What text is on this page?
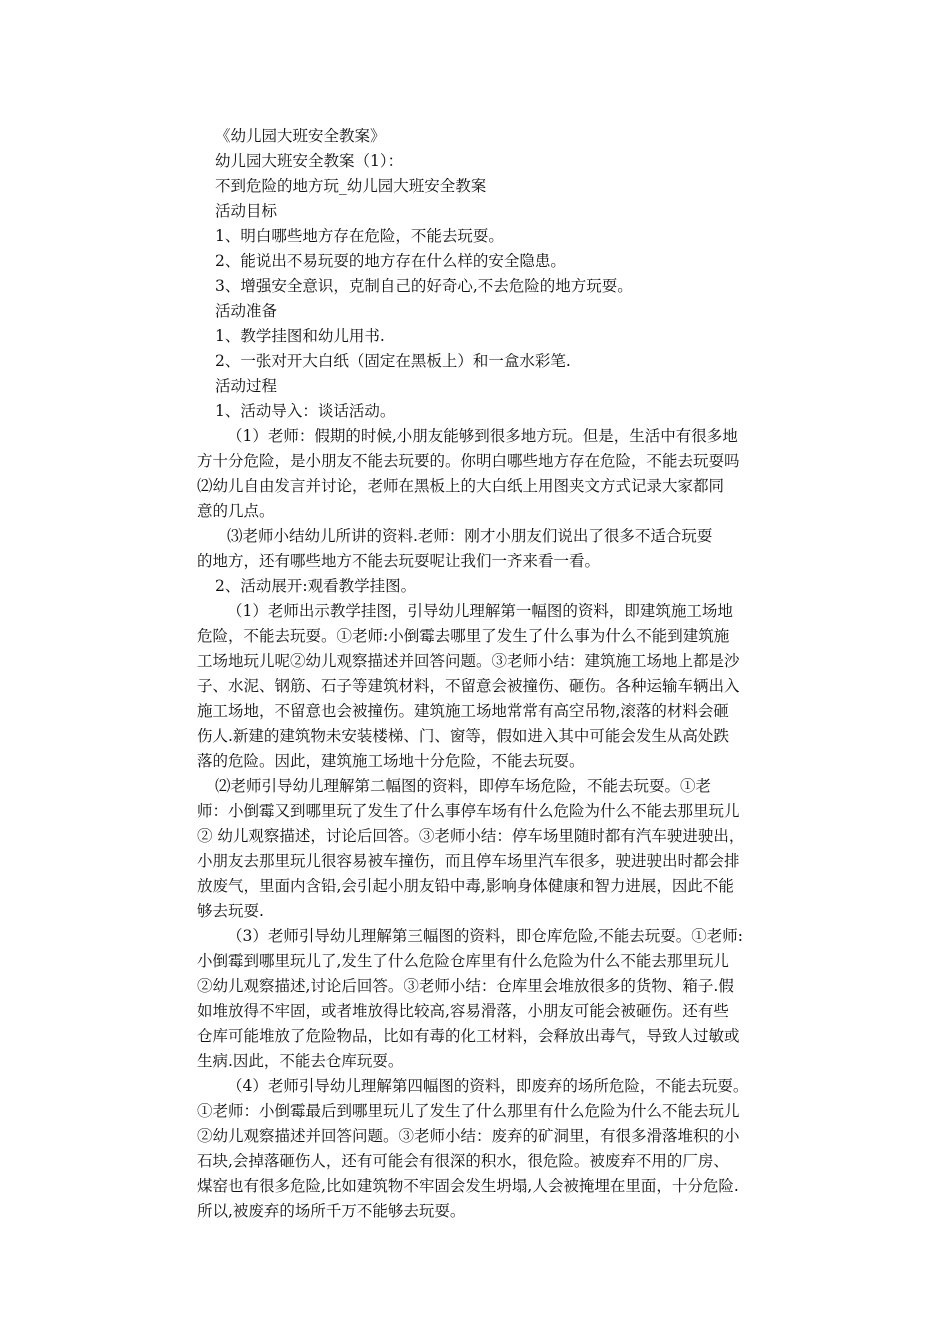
《幼儿园大班安全教案》

幼儿园大班安全教案（1）：

不到危险的地方玩_幼儿园大班安全教案

活动目标

1、明白哪些地方存在危险，不能去玩耍。

2、能说出不易玩耍的地方存在什么样的安全隐患。

3、增强安全意识，克制自己的好奇心,不去危险的地方玩耍。

活动准备

1、教学挂图和幼儿用书.

2、一张对开大白纸（固定在黑板上）和一盒水彩笔.

活动过程

1、活动导入：谈话活动。

（1）老师：假期的时候,小朋友能够到很多地方玩。但是，生活中有很多地

方十分危险，是小朋友不能去玩要的。你明白哪些地方存在危险，不能去玩耍吗

⑵幼儿自由发言并讨论，老师在黑板上的大白纸上用图夹文方式记录大家都同

意的几点。

⑶老师小结幼儿所讲的资料.老师：刚才小朋友们说出了很多不适合玩耍

的地方，还有哪些地方不能去玩耍呢让我们一齐来看一看。

2、活动展开:观看教学挂图。

（1）老师出示教学挂图，引导幼儿理解第一幅图的资料，即建筑施工场地

危险，不能去玩耍。①老师:小倒霉去哪里了发生了什么事为什么不能到建筑施

工场地玩儿呢②幼儿观察描述并回答问题。③老师小结：建筑施工场地上都是沙

子、水泥、钢筋、石子等建筑材料，不留意会被撞伤、砸伤。各种运输车辆出入

施工场地，不留意也会被撞伤。建筑施工场地常常有高空吊物,滚落的材料会砸

伤人.新建的建筑物未安装楼梯、门、窗等，假如进入其中可能会发生从高处跌

落的危险。因此，建筑施工场地十分危险，不能去玩耍。

⑵老师引导幼儿理解第二幅图的资料，即停车场危险，不能去玩耍。①老

师：小倒霉又到哪里玩了发生了什么事停车场有什么危险为什么不能去那里玩儿

② 幼儿观察描述，讨论后回答。③老师小结：停车场里随时都有汽车驶进驶出，

小朋友去那里玩儿很容易被车撞伤，而且停车场里汽车很多，驶进驶出时都会排

放废气，里面内含铅,会引起小朋友铅中毒,影响身体健康和智力进展，因此不能

够去玩耍.

（3）老师引导幼儿理解第三幅图的资料，即仓库危险,不能去玩耍。①老师:

小倒霉到哪里玩儿了,发生了什么危险仓库里有什么危险为什么不能去那里玩儿

②幼儿观察描述,讨论后回答。③老师小结：仓库里会堆放很多的货物、箱子.假

如堆放得不牢固，或者堆放得比较高,容易滑落，小朋友可能会被砸伤。还有些

仓库可能堆放了危险物品，比如有毒的化工材料，会释放出毒气，导致人过敏或

生病.因此，不能去仓库玩耍。

（4）老师引导幼儿理解第四幅图的资料，即废弃的场所危险，不能去玩耍。

①老师：小倒霉最后到哪里玩儿了发生了什么那里有什么危险为什么不能去玩儿

②幼儿观察描述并回答问题。③老师小结：废弃的矿洞里，有很多滑落堆积的小

石块,会掉落砸伤人，还有可能会有很深的积水，很危险。被废弃不用的厂房、

煤窑也有很多危险,比如建筑物不牢固会发生坍塌,人会被掩埋在里面，十分危险.

所以,被废弃的场所千万不能够去玩耍。
